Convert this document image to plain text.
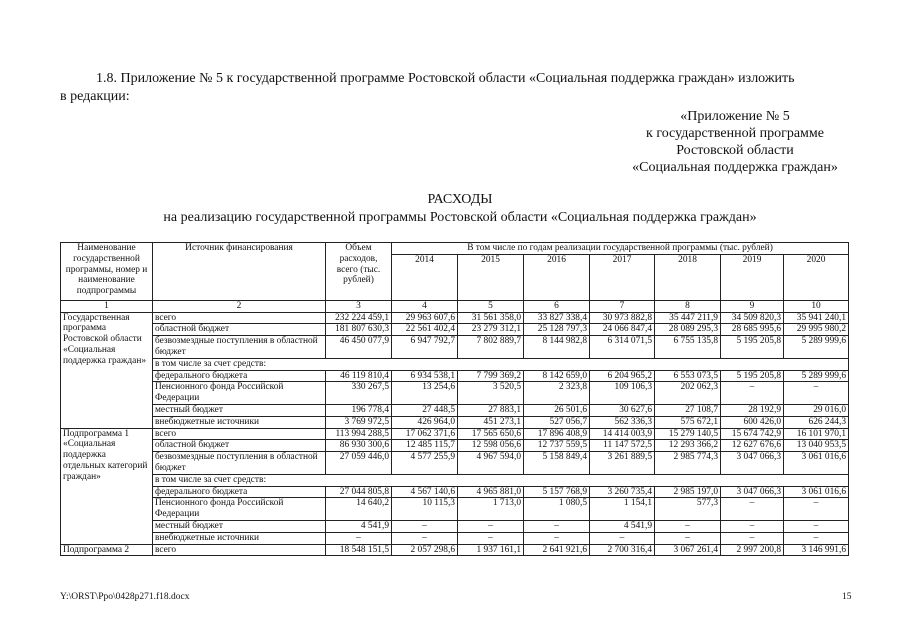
1.8. Приложение № 5 к государственной программе Ростовской области «Социальная поддержка граждан» изложить
в редакции:
«Приложение № 5
к государственной программе
Ростовской области
«Социальная поддержка граждан»
РАСХОДЫ
на реализацию государственной программы Ростовской области «Социальная поддержка граждан»
Наименование государственной программы, номер и наименование подпрограммы	Источник финансирования	Объем расходов, всего (тыс. рублей)	В том числе по годам реализации государственной программы (тыс. рублей)						
			2014	2015	2016	2017	2018	2019	2020
1	2	3	4	5	6	7	8	9	10
Государственная программа Ростовской области «Социальная поддержка граждан»	всего	232 224 459,1	29 963 607,6	31 561 358,0	33 827 338,4	30 973 882,8	35 447 211,9	34 509 820,3	35 941 240,1
	областной бюджет	181 807 630,3	22 561 402,4	23 279 312,1	25 128 797,3	24 066 847,4	28 089 295,3	28 685 995,6	29 995 980,2
	безвозмездные поступления в областной бюджет	46 450 077,9	6 947 792,7	7 802 889,7	8 144 982,8	6 314 071,5	6 755 135,8	5 195 205,8	5 289 999,6
	в том числе за счет средств:								
	федерального бюджета	46 119 810,4	6 934 538,1	7 799 369,2	8 142 659,0	6 204 965,2	6 553 073,5	5 195 205,8	5 289 999,6
	Пенсионного фонда Российской Федерации	330 267,5	13 254,6	3 520,5	2 323,8	109 106,3	202 062,3	–	–
	местный бюджет	196 778,4	27 448,5	27 883,1	26 501,6	30 627,6	27 108,7	28 192,9	29 016,0
	внебюджетные источники	3 769 972,5	426 964,0	451 273,1	527 056,7	562 336,3	575 672,1	600 426,0	626 244,3
Подпрограмма 1 «Социальная поддержка отдельных категорий граждан»	всего	113 994 288,5	17 062 371,6	17 565 650,6	17 896 408,9	14 414 003,9	15 279 140,5	15 674 742,9	16 101 970,1
	областной бюджет	86 930 300,6	12 485 115,7	12 598 056,6	12 737 559,5	11 147 572,5	12 293 366,2	12 627 676,6	13 040 953,5
	безвозмездные поступления в областной бюджет	27 059 446,0	4 577 255,9	4 967 594,0	5 158 849,4	3 261 889,5	2 985 774,3	3 047 066,3	3 061 016,6
	в том числе за счет средств:								
	федерального бюджета	27 044 805,8	4 567 140,6	4 965 881,0	5 157 768,9	3 260 735,4	2 985 197,0	3 047 066,3	3 061 016,6
	Пенсионного фонда Российской Федерации	14 640,2	10 115,3	1 713,0	1 080,5	1 154,1	577,3	–	–
	местный бюджет	4 541,9	–	–	–	4 541,9	–	–	–
	внебюджетные источники	–	–	–	–	–	–	–	–
Подпрограмма 2	всего	18 548 151,5	2 057 298,6	1 937 161,1	2 641 921,6	2 700 316,4	3 067 261,4	2 997 200,8	3 146 991,6
Y:\ORST\Ppo\0428p271.f18.docx	15
